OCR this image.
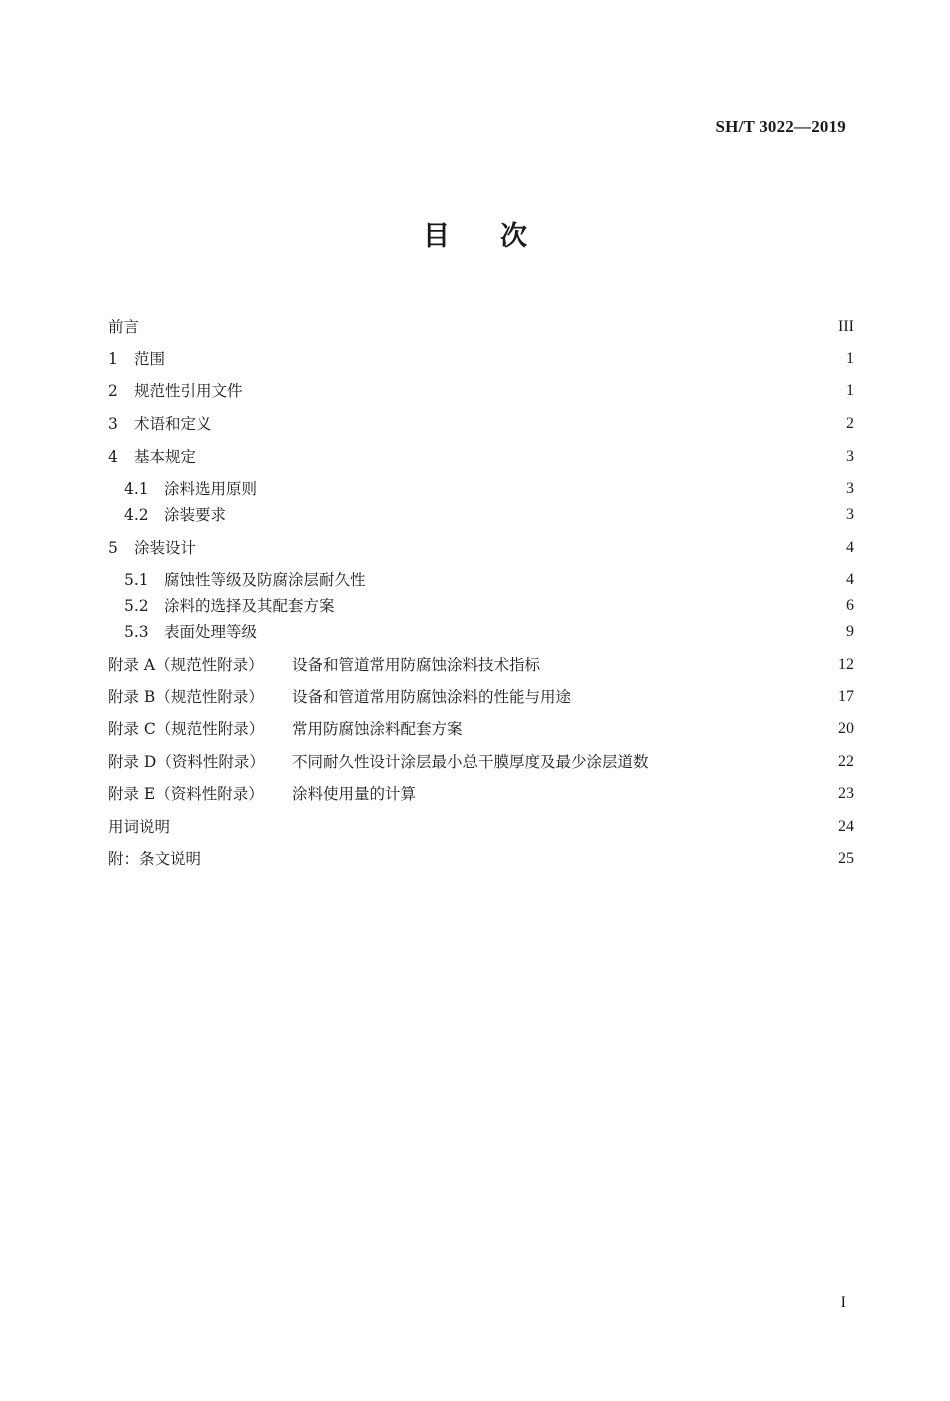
SH/T 3022—2019
目次
前言	III
1	范围	1
2	规范性引用文件	1
3	术语和定义	2
4	基本规定	3
4.1 涂料选用原则	3
4.2 涂装要求	3
5	涂装设计	4
5.1 腐蚀性等级及防腐涂层耐久性	4
5.2 涂料的选择及其配套方案	6
5.3 表面处理等级	9
附录 A（规范性附录）	设备和管道常用防腐蚀涂料技术指标	12
附录 B（规范性附录）	设备和管道常用防腐蚀涂料的性能与用途	17
附录 C（规范性附录）	常用防腐蚀涂料配套方案	20
附录 D（资料性附录）	不同耐久性设计涂层最小总干膜厚度及最少涂层道数	22
附录 E（资料性附录）	涂料使用量的计算	23
用词说明	24
附：条文说明	25
I
